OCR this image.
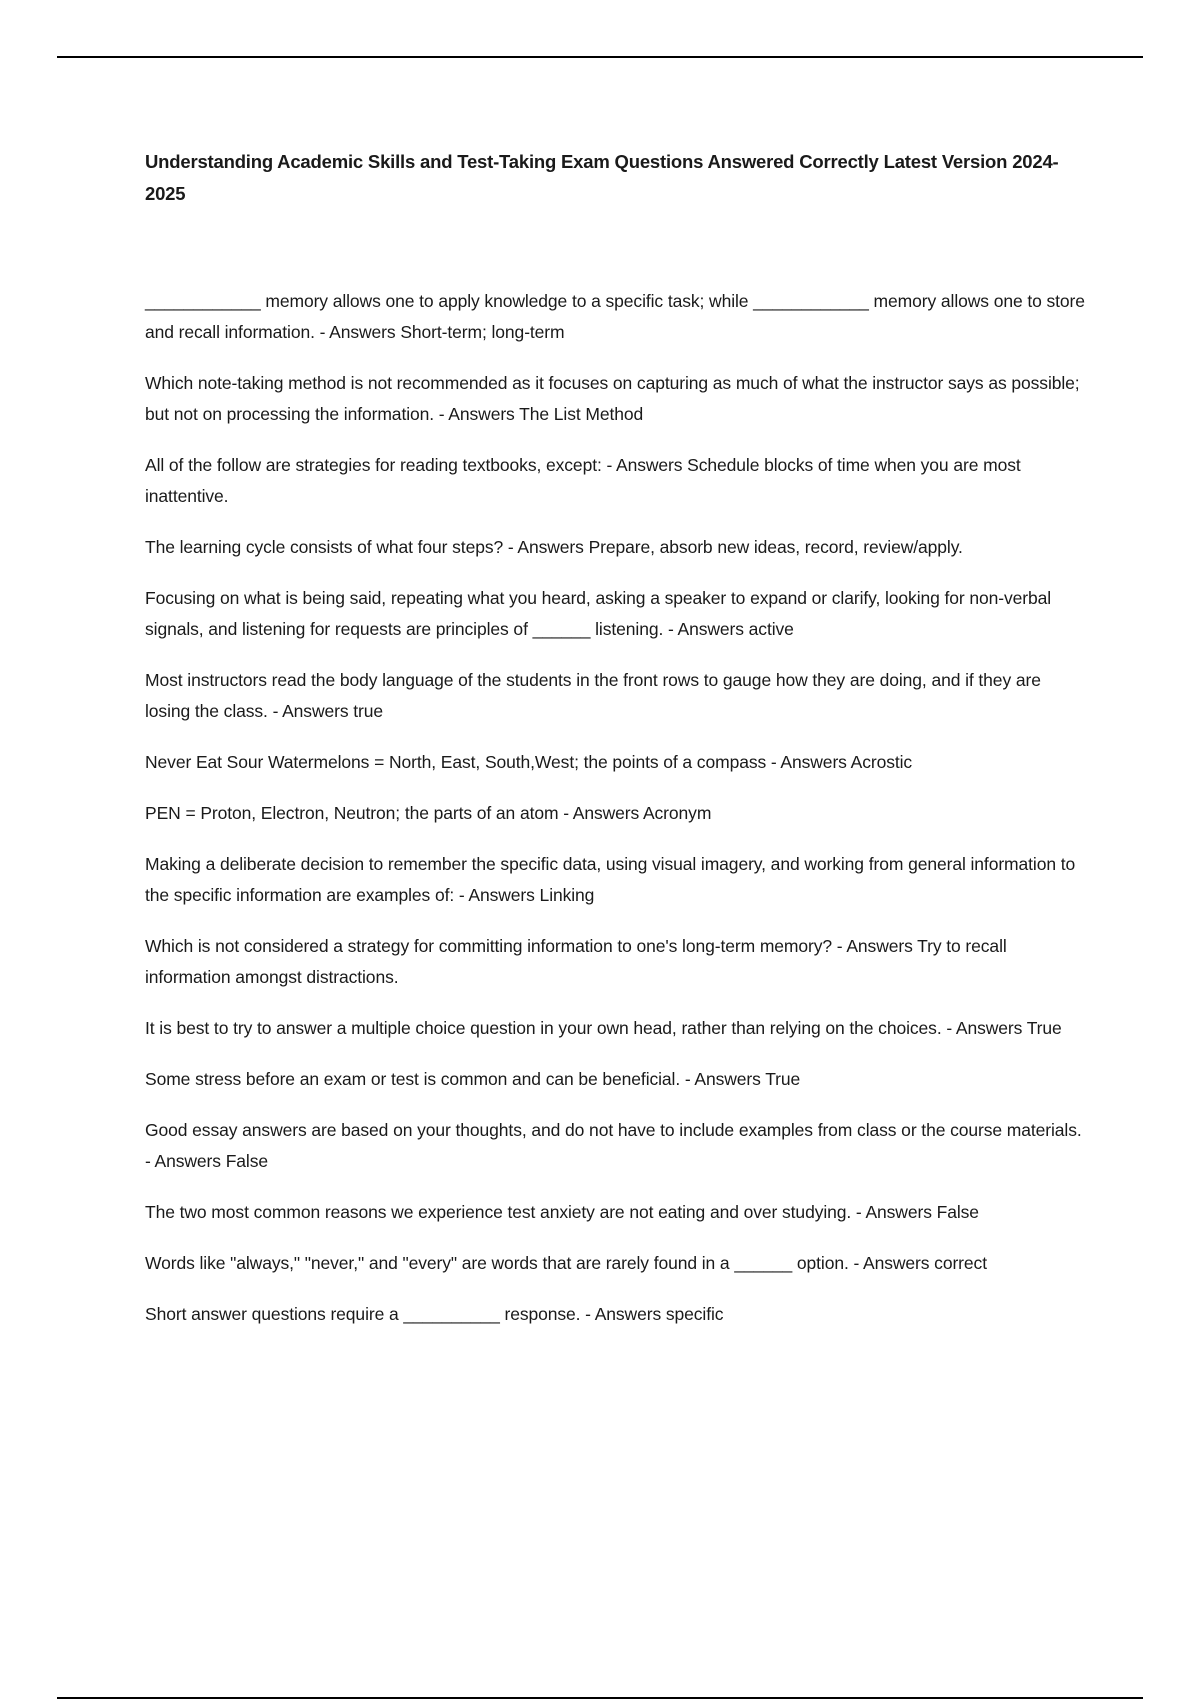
Understanding Academic Skills and Test-Taking Exam Questions Answered Correctly Latest Version 2024-2025
____________ memory allows one to apply knowledge to a specific task; while ____________ memory allows one to store and recall information. - Answers Short-term; long-term
Which note-taking method is not recommended as it focuses on capturing as much of what the instructor says as possible; but not on processing the information. - Answers The List Method
All of the follow are strategies for reading textbooks, except: - Answers Schedule blocks of time when you are most inattentive.
The learning cycle consists of what four steps? - Answers Prepare, absorb new ideas, record, review/apply.
Focusing on what is being said, repeating what you heard, asking a speaker to expand or clarify, looking for non-verbal signals, and listening for requests are principles of ______ listening. - Answers active
Most instructors read the body language of the students in the front rows to gauge how they are doing, and if they are losing the class. - Answers true
Never Eat Sour Watermelons = North, East, South,West; the points of a compass - Answers Acrostic
PEN = Proton, Electron, Neutron; the parts of an atom - Answers Acronym
Making a deliberate decision to remember the specific data, using visual imagery, and working from general information to the specific information are examples of: - Answers Linking
Which is not considered a strategy for committing information to one's long-term memory? - Answers Try to recall information amongst distractions.
It is best to try to answer a multiple choice question in your own head, rather than relying on the choices. - Answers True
Some stress before an exam or test is common and can be beneficial. - Answers True
Good essay answers are based on your thoughts, and do not have to include examples from class or the course materials. - Answers False
The two most common reasons we experience test anxiety are not eating and over studying. - Answers False
Words like "always," "never," and "every" are words that are rarely found in a ______ option. - Answers correct
Short answer questions require a __________ response. - Answers specific
